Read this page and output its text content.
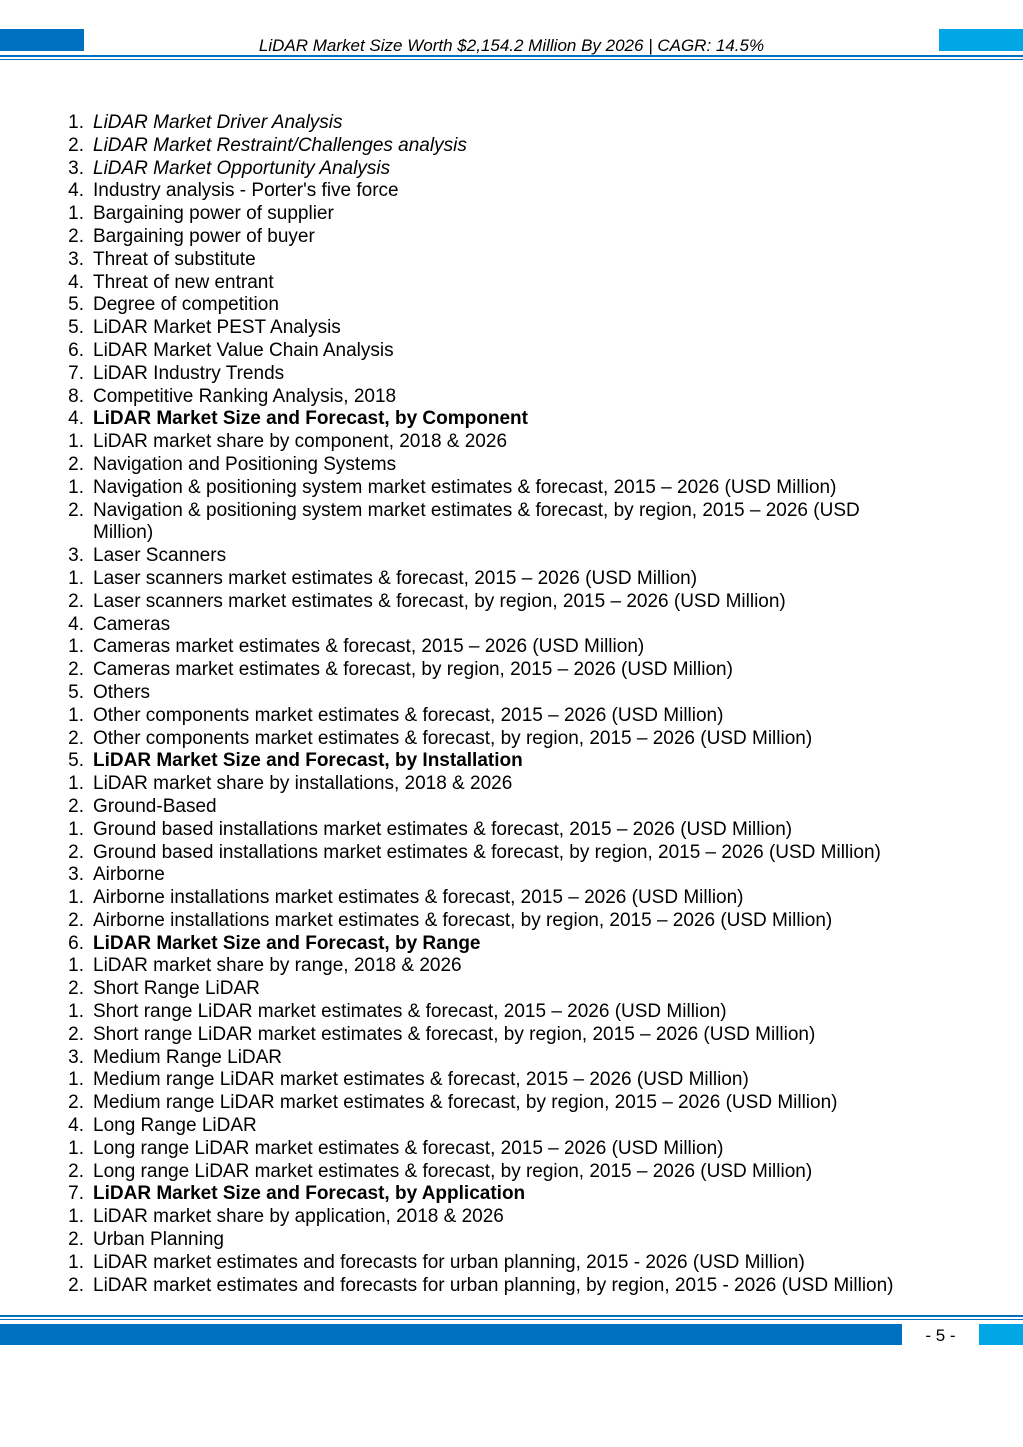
LiDAR Market Size Worth $2,154.2 Million By 2026 | CAGR: 14.5%
1. LiDAR Market Driver Analysis
2. LiDAR Market Restraint/Challenges analysis
3. LiDAR Market Opportunity Analysis
4. Industry analysis - Porter's five force
1. Bargaining power of supplier
2. Bargaining power of buyer
3. Threat of substitute
4. Threat of new entrant
5. Degree of competition
5. LiDAR Market PEST Analysis
6. LiDAR Market Value Chain Analysis
7. LiDAR Industry Trends
8. Competitive Ranking Analysis, 2018
4. LiDAR Market Size and Forecast, by Component
1. LiDAR market share by component, 2018 & 2026
2. Navigation and Positioning Systems
1. Navigation & positioning system market estimates & forecast, 2015 – 2026 (USD Million)
2. Navigation & positioning system market estimates & forecast, by region, 2015 – 2026 (USD Million)
3. Laser Scanners
1. Laser scanners market estimates & forecast, 2015 – 2026 (USD Million)
2. Laser scanners market estimates & forecast, by region, 2015 – 2026 (USD Million)
4. Cameras
1. Cameras market estimates & forecast, 2015 – 2026 (USD Million)
2. Cameras market estimates & forecast, by region, 2015 – 2026 (USD Million)
5. Others
1. Other components market estimates & forecast, 2015 – 2026 (USD Million)
2. Other components market estimates & forecast, by region, 2015 – 2026 (USD Million)
5. LiDAR Market Size and Forecast, by Installation
1. LiDAR market share by installations, 2018 & 2026
2. Ground-Based
1. Ground based installations market estimates & forecast, 2015 – 2026 (USD Million)
2. Ground based installations market estimates & forecast, by region, 2015 – 2026 (USD Million)
3. Airborne
1. Airborne installations market estimates & forecast, 2015 – 2026 (USD Million)
2. Airborne installations market estimates & forecast, by region, 2015 – 2026 (USD Million)
6. LiDAR Market Size and Forecast, by Range
1. LiDAR market share by range, 2018 & 2026
2. Short Range LiDAR
1. Short range LiDAR market estimates & forecast, 2015 – 2026 (USD Million)
2. Short range LiDAR market estimates & forecast, by region, 2015 – 2026 (USD Million)
3. Medium Range LiDAR
1. Medium range LiDAR market estimates & forecast, 2015 – 2026 (USD Million)
2. Medium range LiDAR market estimates & forecast, by region, 2015 – 2026 (USD Million)
4. Long Range LiDAR
1. Long range LiDAR market estimates & forecast, 2015 – 2026 (USD Million)
2. Long range LiDAR market estimates & forecast, by region, 2015 – 2026 (USD Million)
7. LiDAR Market Size and Forecast, by Application
1. LiDAR market share by application, 2018 & 2026
2. Urban Planning
1. LiDAR market estimates and forecasts for urban planning, 2015 - 2026 (USD Million)
2. LiDAR market estimates and forecasts for urban planning, by region, 2015 - 2026 (USD Million)
- 5 -
